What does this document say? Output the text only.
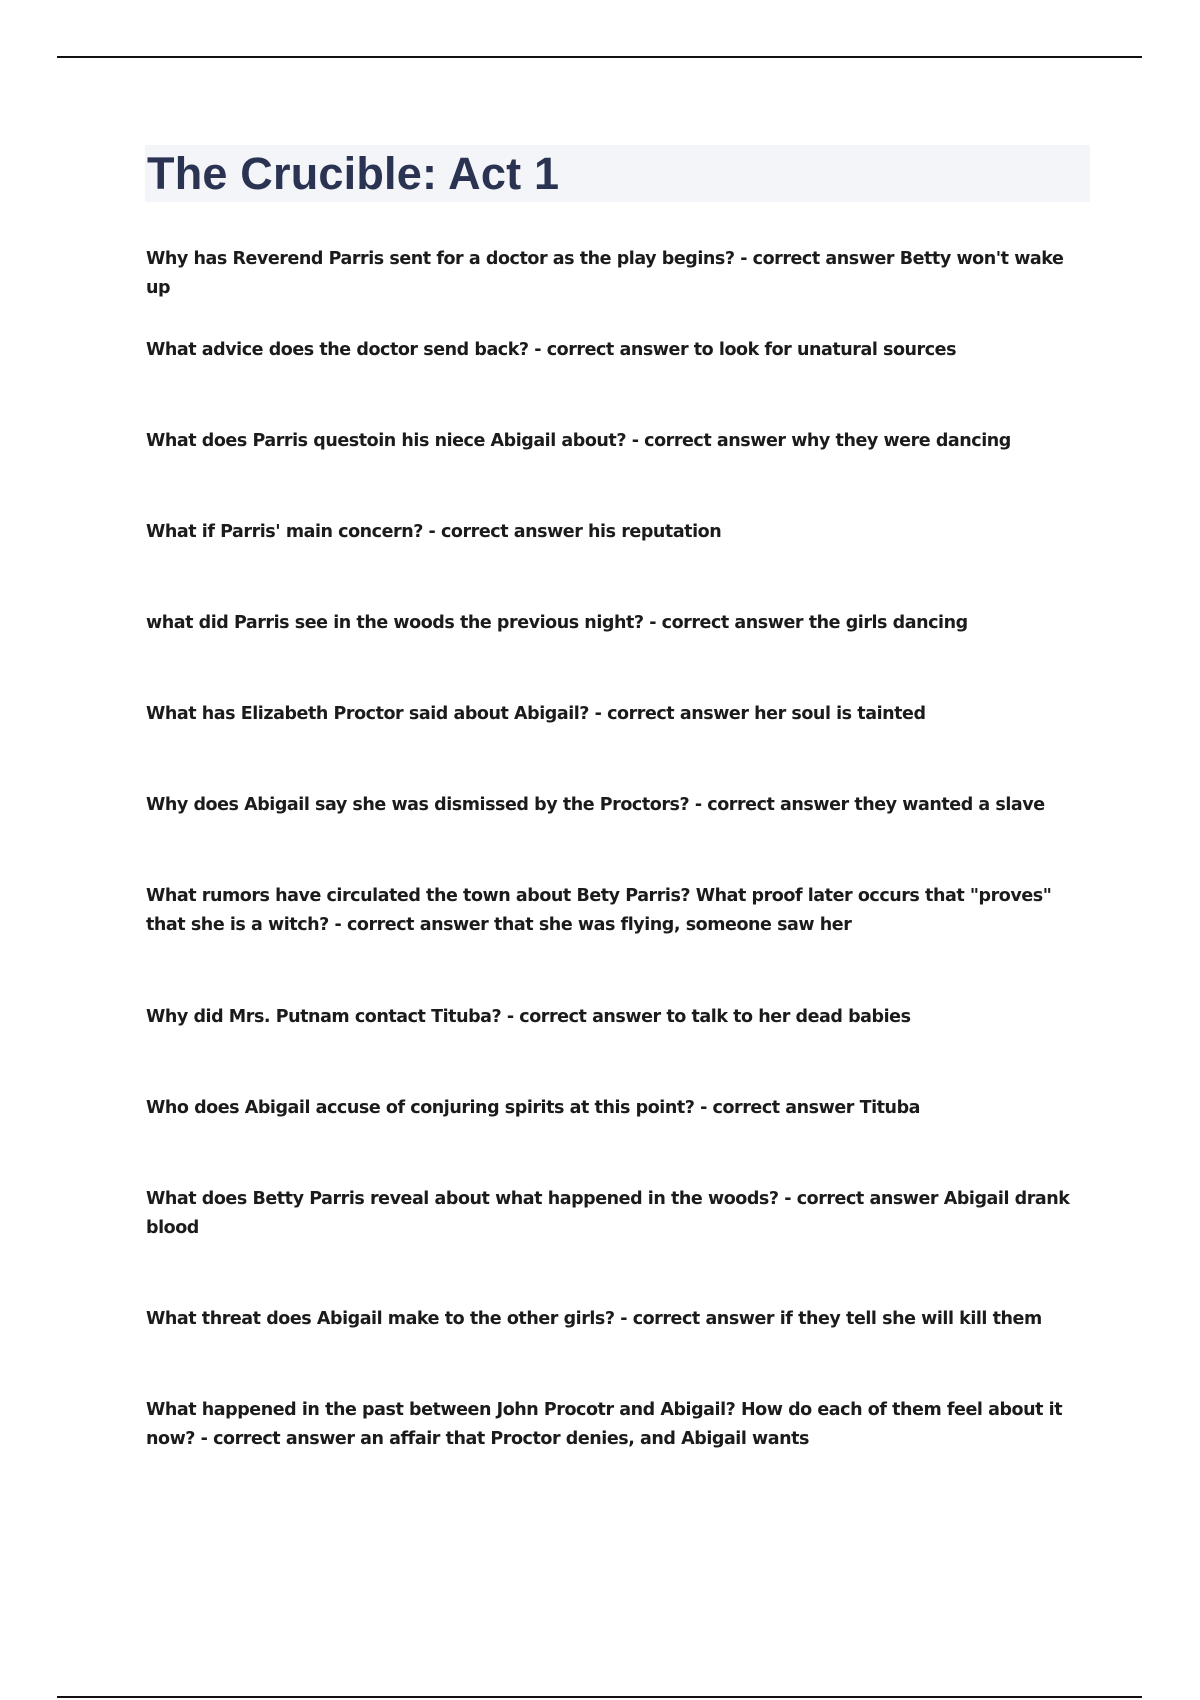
The Crucible: Act 1

Why has Reverend Parris sent for a doctor as the play begins? - correct answer Betty won't wake up

What advice does the doctor send back? - correct answer to look for unatural sources

What does Parris questoin his niece Abigail about? - correct answer why they were dancing

What if Parris' main concern? - correct answer his reputation

what did Parris see in the woods the previous night? - correct answer the girls dancing

What has Elizabeth Proctor said about Abigail? - correct answer her soul is tainted

Why does Abigail say she was dismissed by the Proctors? - correct answer they wanted a slave

What rumors have circulated the town about Bety Parris? What proof later occurs that "proves" that she is a witch? - correct answer that she was flying, someone saw her

Why did Mrs. Putnam contact Tituba? - correct answer to talk to her dead babies

Who does Abigail accuse of conjuring spirits at this point? - correct answer Tituba

What does Betty Parris reveal about what happened in the woods? - correct answer Abigail drank blood

What threat does Abigail make to the other girls? - correct answer if they tell she will kill them

What happened in the past between John Procotr and Abigail? How do each of them feel about it now? - correct answer an affair that Proctor denies, and Abigail wants
